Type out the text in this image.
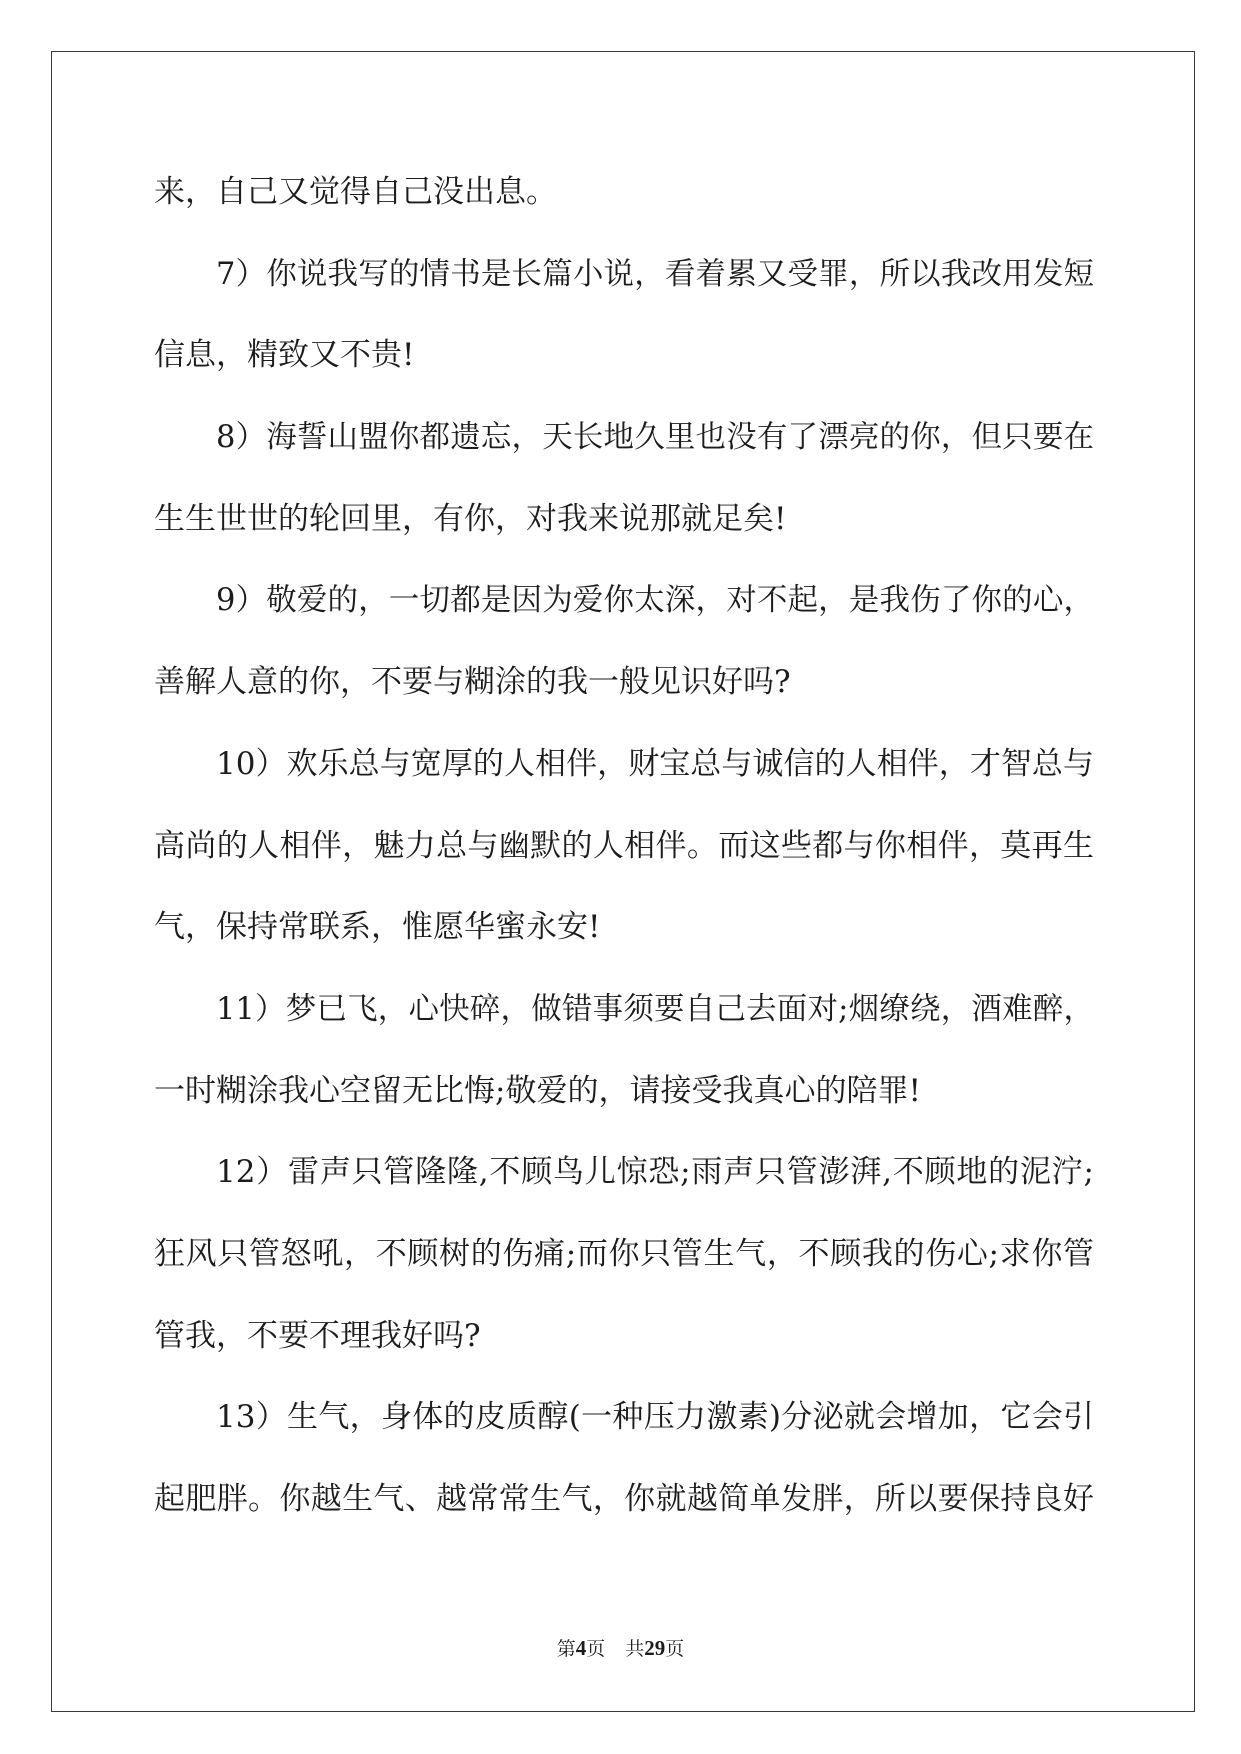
来，自己又觉得自己没出息。
7）你说我写的情书是长篇小说，看着累又受罪，所以我改用发短
信息，精致又不贵!
8）海誓山盟你都遗忘，天长地久里也没有了漂亮的你，但只要在
生生世世的轮回里，有你，对我来说那就足矣!
9）敬爱的，一切都是因为爱你太深，对不起，是我伤了你的心，
善解人意的你，不要与糊涂的我一般见识好吗?
10）欢乐总与宽厚的人相伴，财宝总与诚信的人相伴，才智总与
高尚的人相伴，魅力总与幽默的人相伴。而这些都与你相伴，莫再生
气，保持常联系，惟愿华蜜永安!
11）梦已飞，心快碎，做错事须要自己去面对;烟缭绕，酒难醉，
一时糊涂我心空留无比悔;敬爱的，请接受我真心的陪罪!
12）雷声只管隆隆,不顾鸟儿惊恐;雨声只管澎湃,不顾地的泥泞;
狂风只管怒吼，不顾树的伤痛;而你只管生气，不顾我的伤心;求你管
管我，不要不理我好吗?
13）生气，身体的皮质醇(一种压力激素)分泌就会增加，它会引
起肥胖。你越生气、越常常生气，你就越简单发胖，所以要保持良好
第4页 共29页
